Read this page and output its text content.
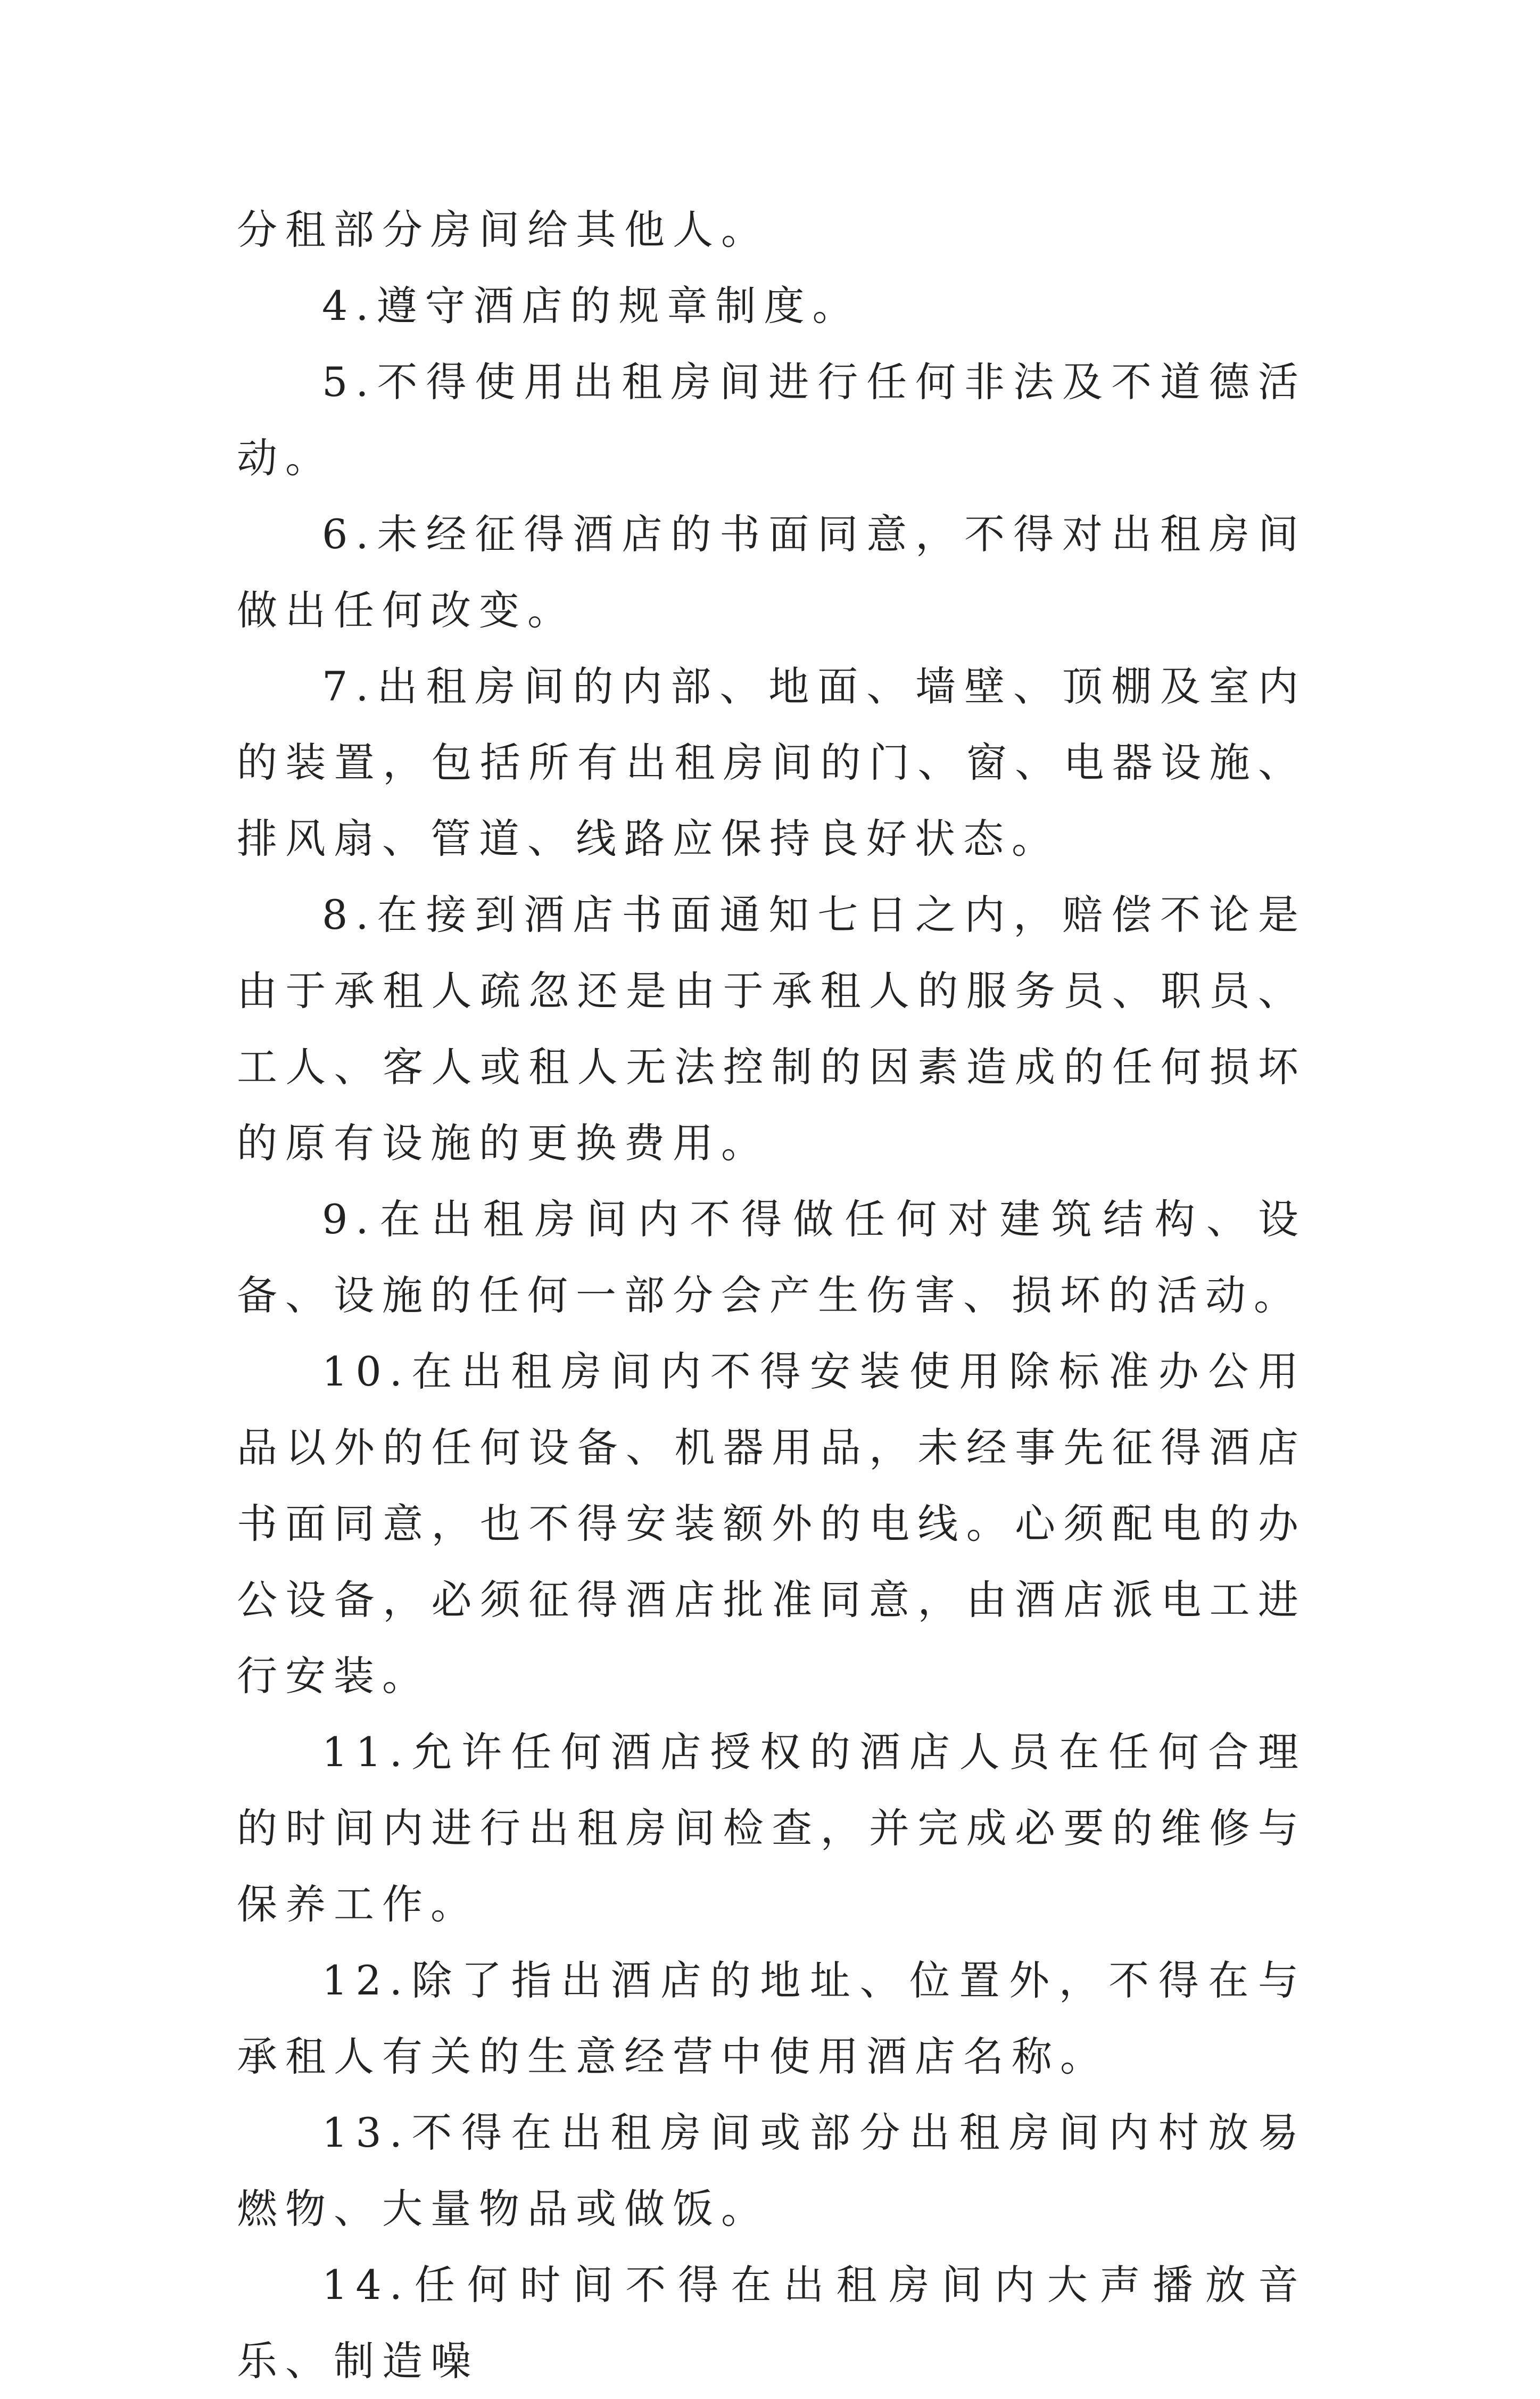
分租部分房间给其他人。

4.遵守酒店的规章制度。

5.不得使用出租房间进行任何非法及不道德活动。

6.未经征得酒店的书面同意，不得对出租房间做出任何改变。

7.出租房间的内部、地面、墙壁、顶棚及室内的装置，包括所有出租房间的门、窗、电器设施、排风扇、管道、线路应保持良好状态。

8.在接到酒店书面通知七日之内，赔偿不论是由于承租人疏忽还是由于承租人的服务员、职员、工人、客人或租人无法控制的因素造成的任何损坏的原有设施的更换费用。

9.在出租房间内不得做任何对建筑结构、设备、设施的任何一部分会产生伤害、损坏的活动。

10.在出租房间内不得安装使用除标准办公用品以外的任何设备、机器用品，未经事先征得酒店书面同意，也不得安装额外的电线。心须配电的办公设备，必须征得酒店批准同意，由酒店派电工进行安装。

11.允许任何酒店授权的酒店人员在任何合理的时间内进行出租房间检查，并完成必要的维修与保养工作。

12.除了指出酒店的地址、位置外，不得在与承租人有关的生意经营中使用酒店名称。

13.不得在出租房间或部分出租房间内村放易燃物、大量物品或做饭。

14.任何时间不得在出租房间内大声播放音乐、制造噪
